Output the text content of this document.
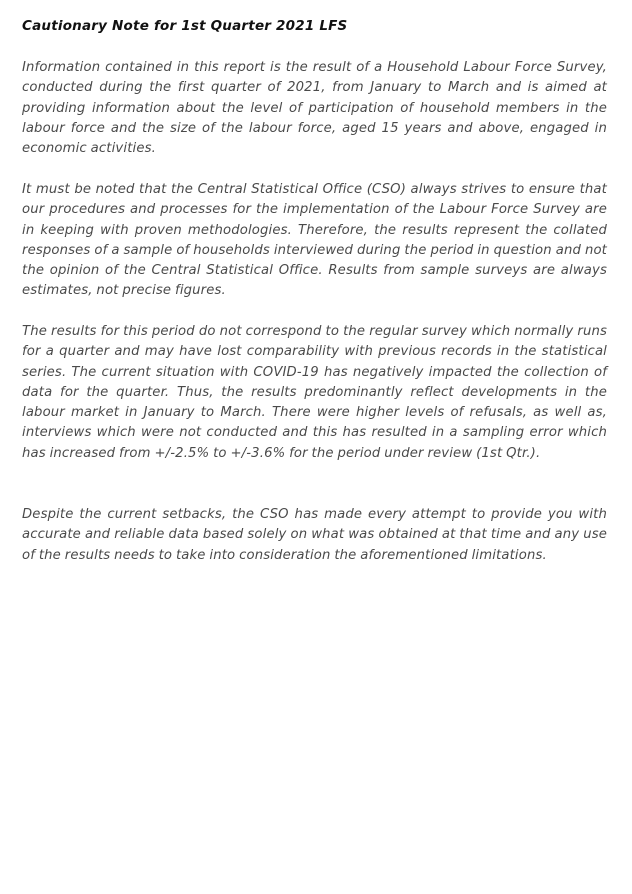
Cautionary Note for 1st Quarter 2021 LFS

Information contained in this report is the result of a Household Labour Force Survey, conducted during the first quarter of 2021, from January to March and is aimed at providing information about the level of participation of household members in the labour force and the size of the labour force, aged 15 years and above, engaged in economic activities.

It must be noted that the Central Statistical Office (CSO) always strives to ensure that our procedures and processes for the implementation of the Labour Force Survey are in keeping with proven methodologies. Therefore, the results represent the collated responses of a sample of households interviewed during the period in question and not the opinion of the Central Statistical Office. Results from sample surveys are always estimates, not precise figures.

The results for this period do not correspond to the regular survey which normally runs for a quarter and may have lost comparability with previous records in the statistical series. The current situation with COVID-19 has negatively impacted the collection of data for the quarter. Thus, the results predominantly reflect developments in the labour market in January to March. There were higher levels of refusals, as well as, interviews which were not conducted and this has resulted in a sampling error which has increased from +/-2.5% to +/-3.6% for the period under review (1st Qtr.).

Despite the current setbacks, the CSO has made every attempt to provide you with accurate and reliable data based solely on what was obtained at that time and any use of the results needs to take into consideration the aforementioned limitations.
